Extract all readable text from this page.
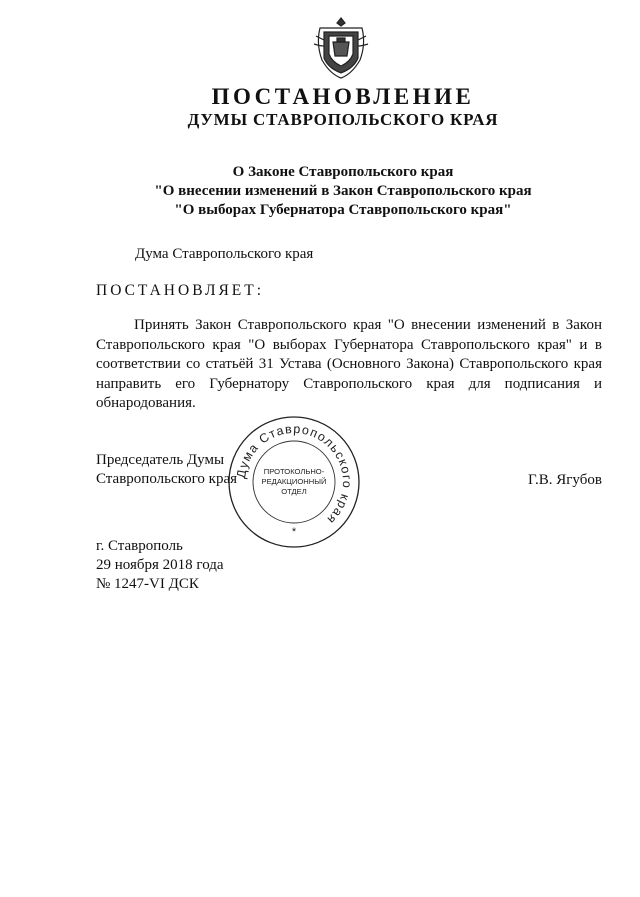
ПОСТАНОВЛЕНИЕ
ДУМЫ СТАВРОПОЛЬСКОГО КРАЯ
О Законе Ставропольского края
"О внесении изменений в Закон Ставропольского края
"О выборах Губернатора Ставропольского края"
Дума Ставропольского края
ПОСТАНОВЛЯЕТ:

Принять Закон Ставропольского края "О внесении изменений в Закон Ставропольского края "О выборах Губернатора Ставропольского края" и в соответствии со статьёй 31 Устава (Основного Закона) Ставропольского края направить его Губернатору Ставропольского края для подписания и обнародования.

Председатель Думы
Ставропольского края
Дума Ставропольского края
ПРОТОКОЛЬНО-
РЕДАКЦИОННЫЙ
ОТДЕЛ
*
Г.В. Ягубов
г. Ставрополь
29 ноября 2018 года
№ 1247-VI ДСК
